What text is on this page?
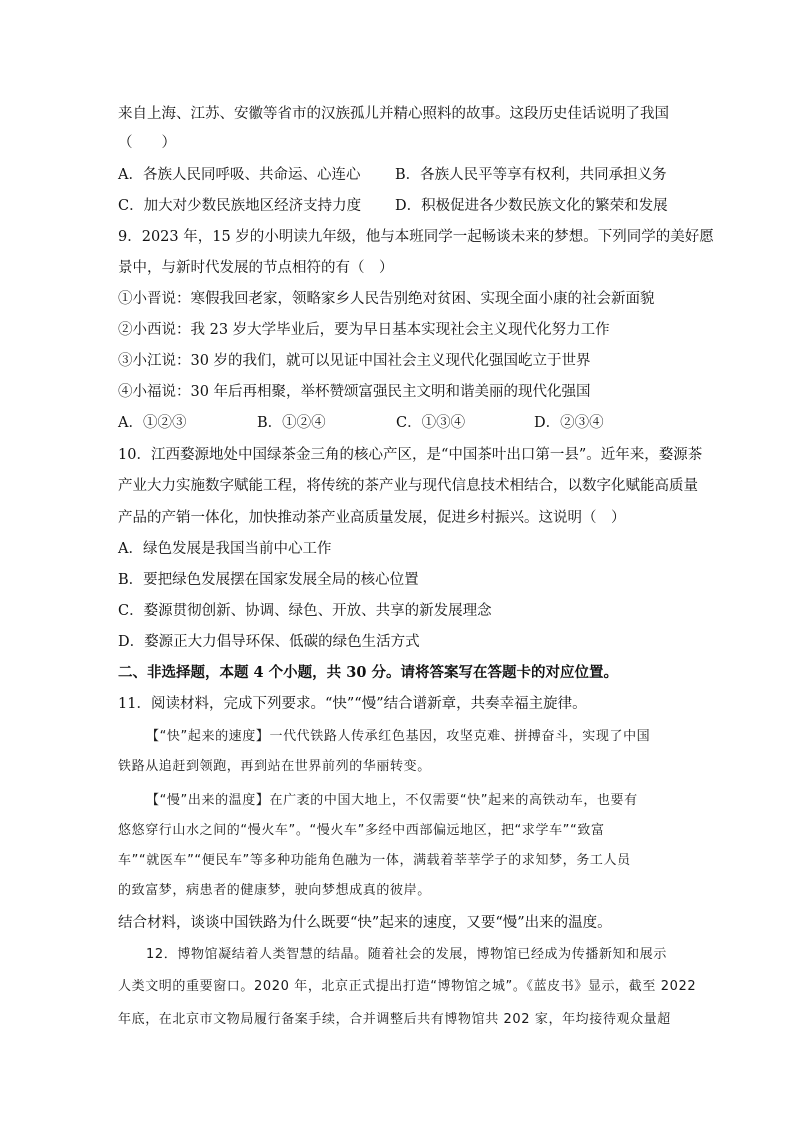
来自上海、江苏、安徽等省市的汉族孤儿并精心照料的故事。这段历史佳话说明了我国
（　　）
A．各族人民同呼吸、共命运、心连心 B．各族人民平等享有权利，共同承担义务
C．加大对少数民族地区经济支持力度 D．积极促进各少数民族文化的繁荣和发展
9．2023 年，15 岁的小明读九年级，他与本班同学一起畅谈未来的梦想。下列同学的美好愿
景中，与新时代发展的节点相符的有（　）
①小晋说：寒假我回老家，领略家乡人民告别绝对贫困、实现全面小康的社会新面貌
②小西说：我 23 岁大学毕业后，要为早日基本实现社会主义现代化努力工作
③小江说：30 岁的我们，就可以见证中国社会主义现代化强国屹立于世界
④小福说：30 年后再相聚，举杯赞颂富强民主文明和谐美丽的现代化强国
A．①②③	B．①②④	C．①③④	D．②③④
10．江西婺源地处中国绿茶金三角的核心产区，是“中国茶叶出口第一县”。近年来，婺源茶
产业大力实施数字赋能工程，将传统的茶产业与现代信息技术相结合，以数字化赋能高质量
产品的产销一体化，加快推动茶产业高质量发展，促进乡村振兴。这说明（　）
A．绿色发展是我国当前中心工作
B．要把绿色发展摆在国家发展全局的核心位置
C．婺源贯彻创新、协调、绿色、开放、共享的新发展理念
D．婺源正大力倡导环保、低碳的绿色生活方式
二、非选择题，本题 4 个小题，共 30 分。请将答案写在答题卡的对应位置。
11．阅读材料，完成下列要求。“快”“慢”结合谱新章，共奏幸福主旋律。
【“快”起来的速度】一代代铁路人传承红色基因，攻坚克难、拼搏奋斗，实现了中国
铁路从追赶到领跑，再到站在世界前列的华丽转变。
【“慢”出来的温度】在广袤的中国大地上，不仅需要“快”起来的高铁动车，也要有
悠悠穿行山水之间的“慢火车”。“慢火车”多经中西部偏远地区，把“求学车”“致富
车”“就医车”“便民车”等多种功能角色融为一体，满载着莘莘学子的求知梦，务工人员
的致富梦，病患者的健康梦，驶向梦想成真的彼岸。
结合材料，谈谈中国铁路为什么既要“快”起来的速度，又要“慢”出来的温度。
12．博物馆凝结着人类智慧的结晶。随着社会的发展，博物馆已经成为传播新知和展示
人类文明的重要窗口。2020 年，北京正式提出打造“博物馆之城”。《蓝皮书》显示，截至 2022
年底，在北京市文物局履行备案手续，合并调整后共有博物馆共 202 家，年均接待观众量超
